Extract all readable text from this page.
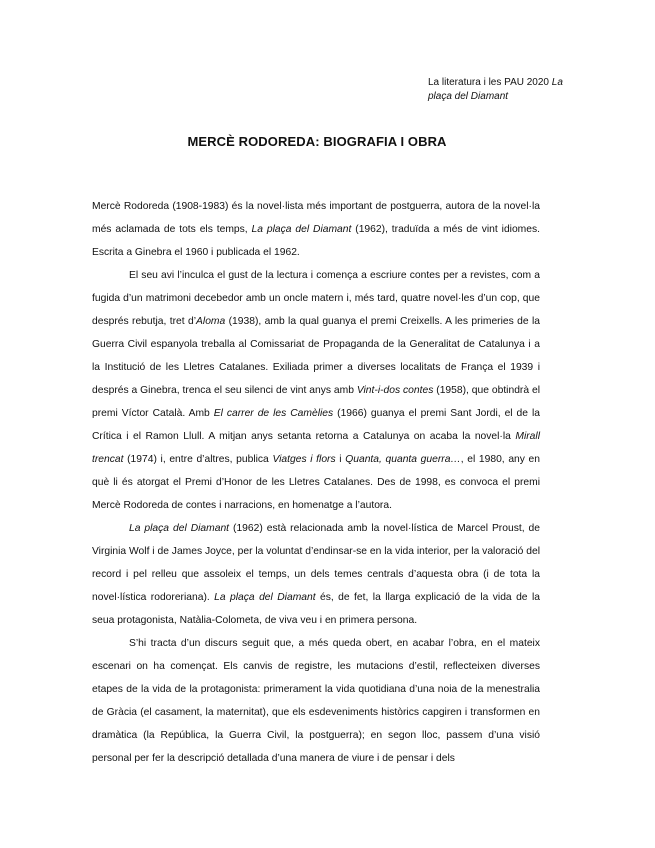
La literatura i les PAU 2020 La plaça del Diamant
MERCÈ RODOREDA: BIOGRAFIA I OBRA

Mercè Rodoreda (1908-1983) és la novel·lista més important de postguerra, autora de la novel·la més aclamada de tots els temps, La plaça del Diamant (1962), traduïda a més de vint idiomes. Escrita a Ginebra el 1960 i publicada el 1962.

El seu avi l’inculca el gust de la lectura i comença a escriure contes per a revistes, com a fugida d’un matrimoni decebedor amb un oncle matern i, més tard, quatre novel·les d’un cop, que després rebutja, tret d’Aloma (1938), amb la qual guanya el premi Creixells. A les primeries de la Guerra Civil espanyola treballa al Comissariat de Propaganda de la Generalitat de Catalunya i a la Institució de les Lletres Catalanes. Exiliada primer a diverses localitats de França el 1939 i després a Ginebra, trenca el seu silenci de vint anys amb Vint-i-dos contes (1958), que obtindrà el premi Víctor Català. Amb El carrer de les Camèlies (1966) guanya el premi Sant Jordi, el de la Crítica i el Ramon Llull. A mitjan anys setanta retorna a Catalunya on acaba la novel·la Mirall trencat (1974) i, entre d’altres, publica Viatges i flors i Quanta, quanta guerra…, el 1980, any en què li és atorgat el Premi d’Honor de les Lletres Catalanes. Des de 1998, es convoca el premi Mercè Rodoreda de contes i narracions, en homenatge a l’autora.

La plaça del Diamant (1962) està relacionada amb la novel·lística de Marcel Proust, de Virginia Wolf i de James Joyce, per la voluntat d’endinsar-se en la vida interior, per la valoració del record i pel relleu que assoleix el temps, un dels temes centrals d’aquesta obra (i de tota la novel·lística rodoreriana). La plaça del Diamant és, de fet, la llarga explicació de la vida de la seua protagonista, Natàlia-Colometa, de viva veu i en primera persona.

S’hi tracta d’un discurs seguit que, a més queda obert, en acabar l’obra, en el mateix escenari on ha començat. Els canvis de registre, les mutacions d’estil, reflecteixen diverses etapes de la vida de la protagonista: primerament la vida quotidiana d’una noia de la menestralia de Gràcia (el casament, la maternitat), que els esdeveniments històrics capgiren i transformen en dramàtica (la República, la Guerra Civil, la postguerra); en segon lloc, passem d’una visió personal per fer la descripció detallada d’una manera de viure i de pensar i dels
